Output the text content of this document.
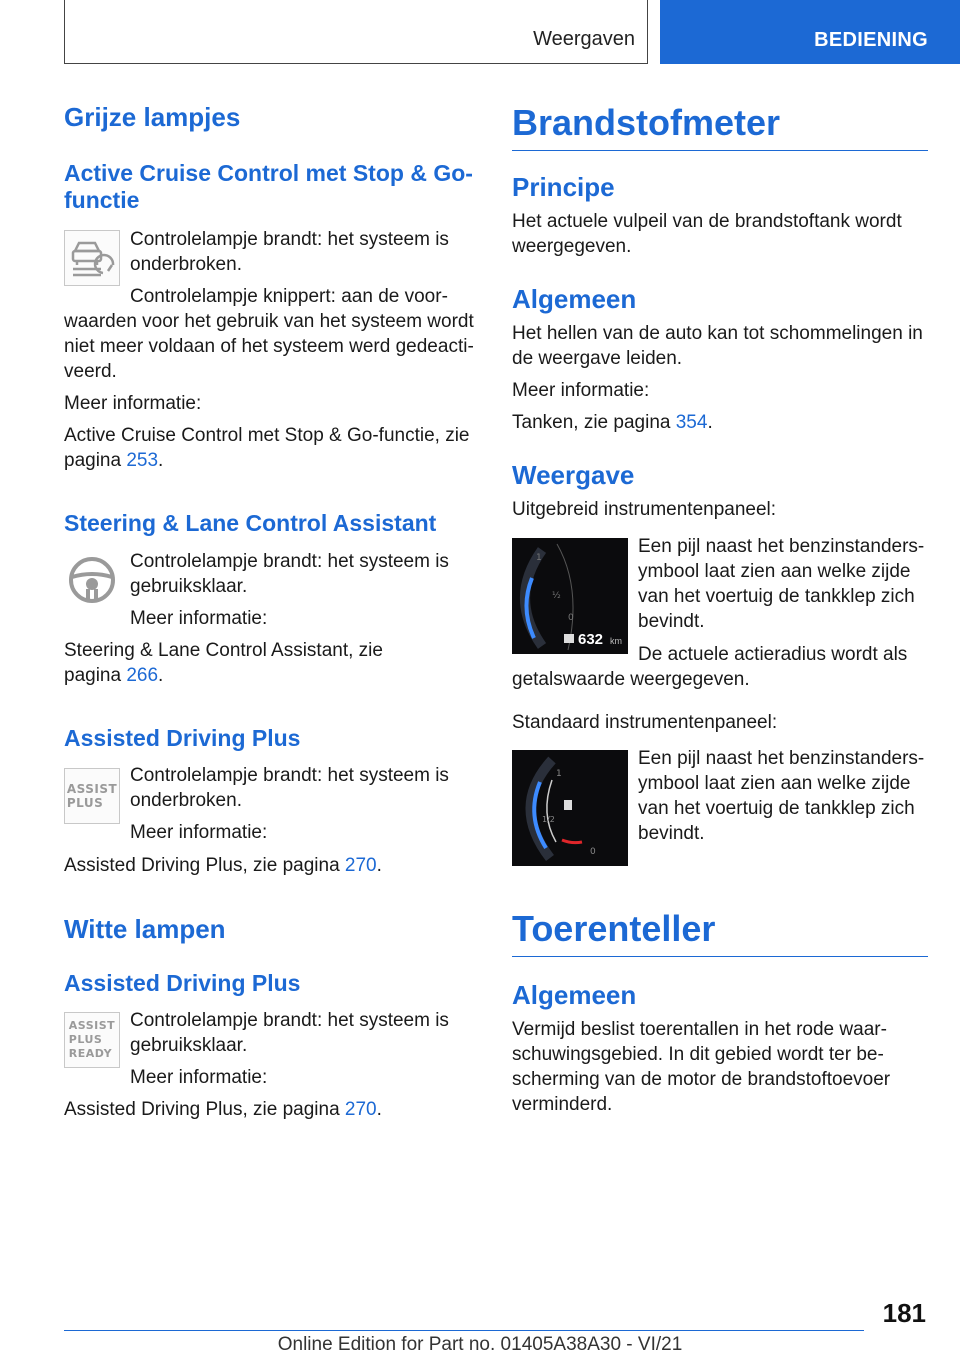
Weergaven	BEDIENING
Grijze lampjes
Active Cruise Control met Stop & Go-functie
Controlelampje brandt: het systeem is onderbroken.
Controlelampje knippert: aan de voor-
waarden voor het gebruik van het systeem wordt niet meer voldaan of het systeem werd gedeactiveerd.
Meer informatie:
Active Cruise Control met Stop & Go-functie, zie pagina 253.
Steering & Lane Control Assistant
Controlelampje brandt: het systeem is gebruiksklaar.
Meer informatie:
Steering & Lane Control Assistant, zie pagina 266.
Assisted Driving Plus
ASSIST
PLUS
Controlelampje brandt: het systeem is onderbroken.
Meer informatie:
Assisted Driving Plus, zie pagina 270.
Witte lampen
Assisted Driving Plus
ASSIST
PLUS
READY
Controlelampje brandt: het systeem is gebruiksklaar.
Meer informatie:
Assisted Driving Plus, zie pagina 270.
Brandstofmeter
Principe
Het actuele vulpeil van de brandstoftank wordt weergegeven.
Algemeen
Het hellen van de auto kan tot schommelingen in de weergave leiden.
Meer informatie:
Tanken, zie pagina 354.
Weergave
Uitgebreid instrumentenpaneel:
1
½
0
632 km
Een pijl naast het benzinstandersymbool laat zien aan welke zijde van het voertuig de tankklep zich bevindt.
De actuele actieradius wordt als
getalswaarde weergegeven.
Standaard instrumentenpaneel:
1
1/2
0
Een pijl naast het benzinstandersymbool laat zien aan welke zijde van het voertuig de tankklep zich bevindt.
Toerenteller
Algemeen
Vermijd beslist toerentallen in het rode waarschuwingsgebied. In dit gebied wordt ter bescherming van de motor de brandstoftoevoer verminderd.
181
Online Edition for Part no. 01405A38A30 - VI/21
